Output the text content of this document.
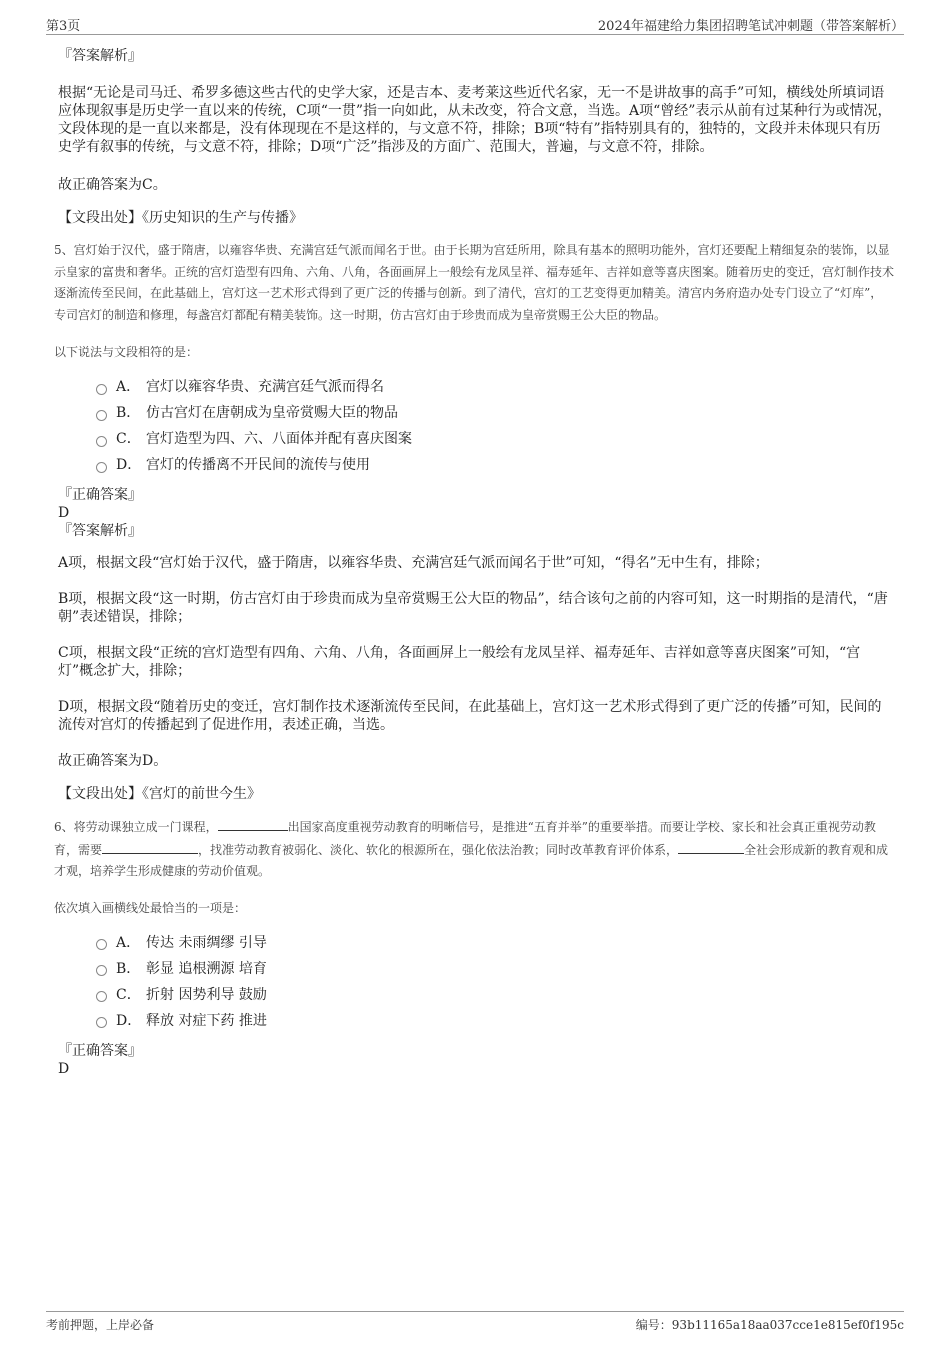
第3页	2024年福建给力集团招聘笔试冲刺题（带答案解析）

『答案解析』

根据“无论是司马迁、希罗多德这些古代的史学大家，还是吉本、麦考莱这些近代名家，无一不是讲故事的高手”可知，横线处所填词语应体现叙事是历史学一直以来的传统，C项“一贯”指一向如此，从未改变，符合文意，当选。A项“曾经”表示从前有过某种行为或情况，文段体现的是一直以来都是，没有体现现在不是这样的，与文意不符，排除；B项“特有”指特别具有的，独特的，文段并未体现只有历史学有叙事的传统，与文意不符，排除；D项“广泛”指涉及的方面广、范围大，普遍，与文意不符，排除。

故正确答案为C。

【文段出处】《历史知识的生产与传播》

5、宫灯始于汉代，盛于隋唐，以雍容华贵、充满宫廷气派而闻名于世。由于长期为宫廷所用，除具有基本的照明功能外，宫灯还要配上精细复杂的装饰，以显示皇家的富贵和奢华。正统的宫灯造型有四角、六角、八角，各面画屏上一般绘有龙凤呈祥、福寿延年、吉祥如意等喜庆图案。随着历史的变迁，宫灯制作技术逐渐流传至民间，在此基础上，宫灯这一艺术形式得到了更广泛的传播与创新。到了清代，宫灯的工艺变得更加精美。清宫内务府造办处专门设立了“灯库”，专司宫灯的制造和修理，每盏宫灯都配有精美装饰。这一时期，仿古宫灯由于珍贵而成为皇帝赏赐王公大臣的物品。

以下说法与文段相符的是：

A． 宫灯以雍容华贵、充满宫廷气派而得名
B． 仿古宫灯在唐朝成为皇帝赏赐大臣的物品
C． 宫灯造型为四、六、八面体并配有喜庆图案
D． 宫灯的传播离不开民间的流传与使用

『正确答案』

D

『答案解析』

A项，根据文段“宫灯始于汉代，盛于隋唐，以雍容华贵、充满宫廷气派而闻名于世”可知，“得名”无中生有，排除；

B项，根据文段“这一时期，仿古宫灯由于珍贵而成为皇帝赏赐王公大臣的物品”，结合该句之前的内容可知，这一时期指的是清代，“唐朝”表述错误，排除；

C项，根据文段“正统的宫灯造型有四角、六角、八角，各面画屏上一般绘有龙凤呈祥、福寿延年、吉祥如意等喜庆图案”可知，“宫灯”概念扩大，排除；

D项，根据文段“随着历史的变迁，宫灯制作技术逐渐流传至民间，在此基础上，宫灯这一艺术形式得到了更广泛的传播”可知，民间的流传对宫灯的传播起到了促进作用，表述正确，当选。

故正确答案为D。

【文段出处】《宫灯的前世今生》

6、将劳动课独立成一门课程，	出国家高度重视劳动教育的明晰信号，是推进“五育并举”的重要举措。而要让学校、家长和社会真正重视劳动教育，需要	，找准劳动教育被弱化、淡化、软化的根源所在，强化依法治教；同时改革教育评价体系，	全社会形成新的教育观和成才观，培养学生形成健康的劳动价值观。

依次填入画横线处最恰当的一项是：

A． 传达 未雨绸缪 引导
B． 彰显 追根溯源 培育
C． 折射 因势利导 鼓励
D． 释放 对症下药 推进

『正确答案』

D

考前押题，上岸必备	编号：93b11165a18aa037cce1e815ef0f195c
